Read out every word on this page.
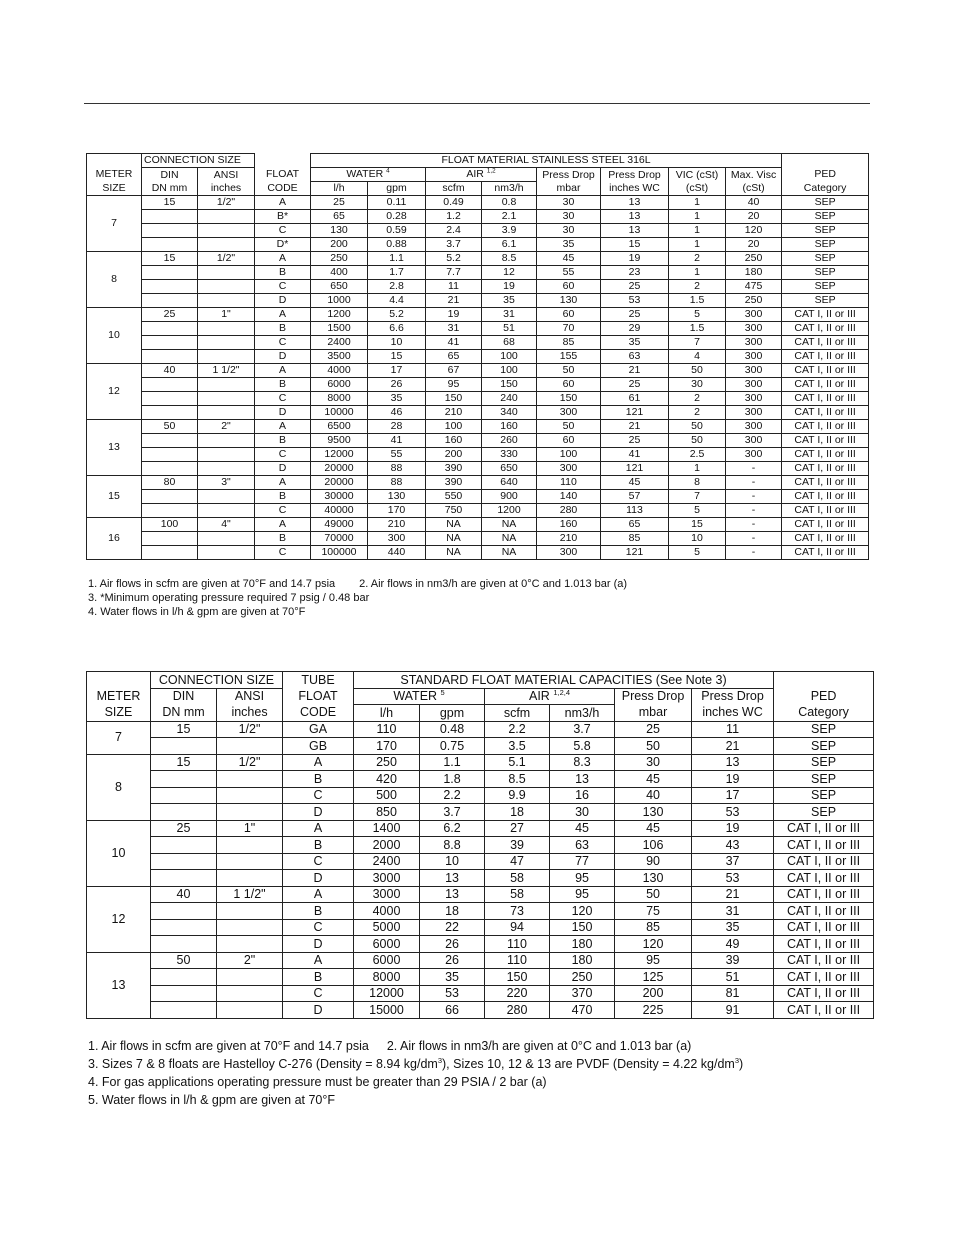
	CONNECTION SIZE			FLOAT MATERIAL STAINLESS STEEL 316L								
METER	DIN	ANSI	FLOAT	WATER $^4$		AIR $^{1,2}$		Press Drop	Press Drop	VIC (cSt)	Max. Visc	PED
SIZE	DN mm	inches	CODE	l/h	gpm	scfm	nm3/h	mbar	inches WC	(cSt)	(cSt)	Category
7	15	1/2"	A	25	0.11	0.49	0.8	30	13	1	40	SEP
			B*	65	0.28	1.2	2.1	30	13	1	20	SEP
			C	130	0.59	2.4	3.9	30	13	1	120	SEP
			D*	200	0.88	3.7	6.1	35	15	1	20	SEP
8	15	1/2"	A	250	1.1	5.2	8.5	45	19	2	250	SEP
			B	400	1.7	7.7	12	55	23	1	180	SEP
			C	650	2.8	11	19	60	25	2	475	SEP
			D	1000	4.4	21	35	130	53	1.5	250	SEP
10	25	1"	A	1200	5.2	19	31	60	25	5	300	CAT I, II or III
			B	1500	6.6	31	51	70	29	1.5	300	CAT I, II or III
			C	2400	10	41	68	85	35	7	300	CAT I, II or III
			D	3500	15	65	100	155	63	4	300	CAT I, II or III
12	40	1 1/2"	A	4000	17	67	100	50	21	50	300	CAT I, II or III
			B	6000	26	95	150	60	25	30	300	CAT I, II or III
			C	8000	35	150	240	150	61	2	300	CAT I, II or III
			D	10000	46	210	340	300	121	2	300	CAT I, II or III
13	50	2"	A	6500	28	100	160	50	21	50	300	CAT I, II or III
			B	9500	41	160	260	60	25	50	300	CAT I, II or III
			C	12000	55	200	330	100	41	2.5	300	CAT I, II or III
			D	20000	88	390	650	300	121	1	-	CAT I, II or III
15	80	3"	A	20000	88	390	640	110	45	8	-	CAT I, II or III
			B	30000	130	550	900	140	57	7	-	CAT I, II or III
			C	40000	170	750	1200	280	113	5	-	CAT I, II or III
16	100	4"	A	49000	210	NA	NA	160	65	15	-	CAT I, II or III
			B	70000	300	NA	NA	210	85	10	-	CAT I, II or III
			C	100000	440	NA	NA	300	121	5	-	CAT I, II or III
1. Air flows in scfm are given at 70°F and 14.7 psia 2. Air flows in nm3/h are given at 0°C and 1.013 bar (a)
3. *Minimum operating pressure required 7 psig / 0.48 bar
4. Water flows in l/h & gpm are given at 70°F
	CONNECTION SIZE		TUBE	STANDARD FLOAT MATERIAL CAPACITIES (See Note 3)						
METER	DIN	ANSI	FLOAT	WATER $^5$		AIR $^{1,2,4}$		Press Drop	Press Drop	PED
SIZE	DN mm	inches	CODE	l/h	gpm	scfm	nm3/h	mbar	inches WC	Category
7	15	1/2"	GA	110	0.48	2.2	3.7	25	11	SEP
			GB	170	0.75	3.5	5.8	50	21	SEP
8	15	1/2"	A	250	1.1	5.1	8.3	30	13	SEP
			B	420	1.8	8.5	13	45	19	SEP
			C	500	2.2	9.9	16	40	17	SEP
			D	850	3.7	18	30	130	53	SEP
10	25	1"	A	1400	6.2	27	45	45	19	CAT I, II or III
			B	2000	8.8	39	63	106	43	CAT I, II or III
			C	2400	10	47	77	90	37	CAT I, II or III
			D	3000	13	58	95	130	53	CAT I, II or III
12	40	1 1/2"	A	3000	13	58	95	50	21	CAT I, II or III
			B	4000	18	73	120	75	31	CAT I, II or III
			C	5000	22	94	150	85	35	CAT I, II or III
			D	6000	26	110	180	120	49	CAT I, II or III
13	50	2"	A	6000	26	110	180	95	39	CAT I, II or III
			B	8000	35	150	250	125	51	CAT I, II or III
			C	12000	53	220	370	200	81	CAT I, II or III
			D	15000	66	280	470	225	91	CAT I, II or III
1. Air flows in scfm are given at 70°F and 14.7 psia 2. Air flows in nm3/h are given at 0°C and 1.013 bar (a)
3. Sizes 7 & 8 floats are Hastelloy C-276 (Density = 8.94 $kg/dm^3$), Sizes 10, 12 & 13 are PVDF (Density = 4.22 $kg/dm^3$)
4. For gas applications operating pressure must be greater than 29 PSIA / 2 bar (a)
5. Water flows in l/h & gpm are given at 70°F
